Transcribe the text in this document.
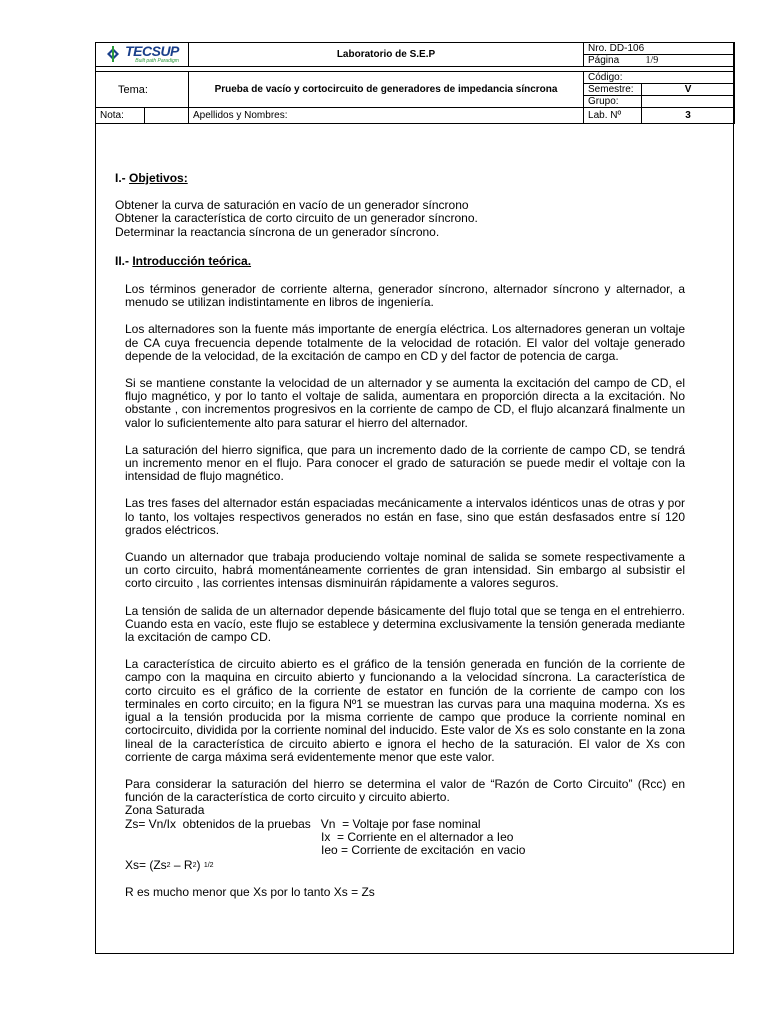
TECSUP
Built path Paradigm		Laboratorio de S.E.P	Nro. DD-106	
			Página	1/9

Tema:		Prueba de vacío y cortocircuito de generadores de impedancia síncrona	Código:	
			Semestre:	V
			Grupo:	
Nota:		Apellidos y Nombres:	Lab. Nº	3

I.- Objetivos:

Obtener la curva de saturación en vacío de un generador síncrono

Obtener la característica de corto circuito de un generador síncrono.

Determinar la reactancia síncrona de un generador síncrono.

II.- Introducción teórica.

Los términos generador de corriente alterna, generador síncrono, alternador síncrono y alternador, a menudo se utilizan indistintamente en libros de ingeniería.

Los alternadores son la fuente más importante de energía eléctrica. Los alternadores generan un voltaje de CA cuya frecuencia depende totalmente de la velocidad de rotación. El valor del voltaje generado depende de la velocidad, de la excitación de campo en CD y del factor de potencia de carga.

Si se mantiene constante la velocidad de un alternador y se aumenta la excitación del campo de CD, el flujo magnético, y por lo tanto el voltaje de salida, aumentara en proporción directa a la excitación. No obstante , con incrementos progresivos en la corriente de campo de CD, el flujo alcanzará finalmente un valor lo suficientemente alto para saturar el hierro del alternador.

La saturación del hierro significa, que para un incremento dado de la corriente de campo CD, se tendrá un incremento menor en el flujo. Para conocer el grado de saturación se puede medir el voltaje con la intensidad de flujo magnético.

Las tres fases del alternador están espaciadas mecánicamente a intervalos idénticos unas de otras y por lo tanto, los voltajes respectivos generados no están en fase, sino que están desfasados entre sí 120 grados eléctricos.

Cuando un alternador que trabaja produciendo voltaje nominal de salida se somete respectivamente a un corto circuito, habrá momentáneamente corrientes de gran intensidad. Sin embargo al subsistir el corto circuito , las corrientes intensas disminuirán rápidamente a valores seguros.

La tensión de salida de un alternador depende básicamente del flujo total que se tenga en el entrehierro. Cuando esta en vacío, este flujo se establece y determina exclusivamente la tensión generada mediante la excitación de campo CD.

La característica de circuito abierto es el gráfico de la tensión generada en función de la corriente de campo con la maquina en circuito abierto y funcionando a la velocidad síncrona. La característica de corto circuito es el gráfico de la corriente de estator en función de la corriente de campo con los terminales en corto circuito; en la figura Nº1 se muestran las curvas para una maquina moderna. Xs es igual a la tensión producida por la misma corriente de campo que produce la corriente nominal en cortocircuito, dividida por la corriente nominal del inducido. Este valor de Xs es solo constante en la zona lineal de la característica de circuito abierto e ignora el hecho de la saturación. El valor de Xs con corriente de carga máxima será evidentemente menor que este valor.

Para considerar la saturación del hierro se determina el valor de “Razón de Corto Circuito” (Rcc) en función de la característica de corto circuito y circuito abierto.

Zona Saturada

Zs= Vn/Ix  obtenidos de la pruebas   Vn  = Voltaje por fase nominal

Ix  = Corriente en el alternador a Ieo

Ieo = Corriente de excitación  en vacio

$Xs= (Zs^2 - R^2)$ $^{1/2}$

R es mucho menor que Xs por lo tanto Xs = Zs
